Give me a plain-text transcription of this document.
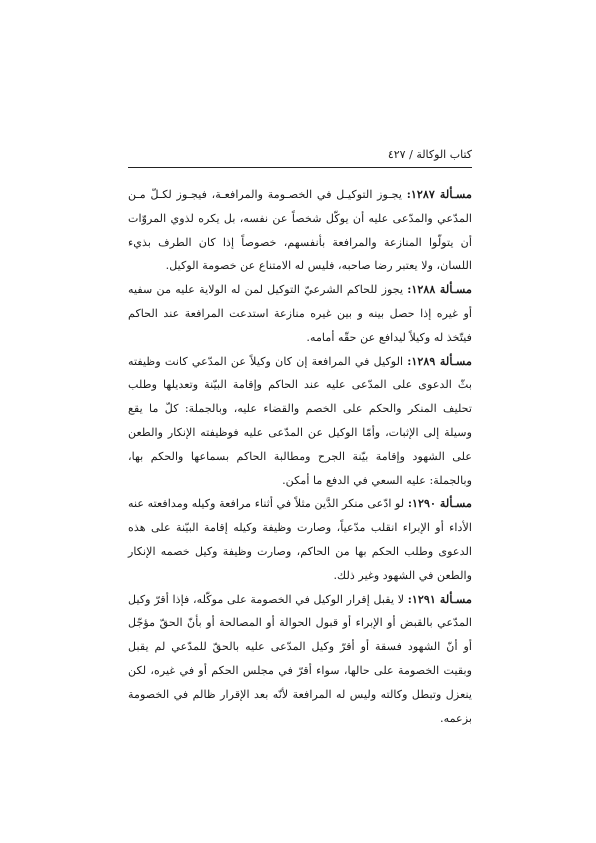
كتاب الوكالة / ٤٢٧

مسـألة ١٢٨٧: يجـوز التوكيـل في الخصـومة والمرافعـة، فيجـوز لكـلّ مـن المدّعي والمدّعى عليه أن يوكّل شخصاً عن نفسه، بل يكره لذوي المروّات أن يتولّوا المنازعة والمرافعة بأنفسهم، خصوصاً إذا كان الطرف بذيء اللسان، ولا يعتبر رضا صاحبه، فليس له الامتناع عن خصومة الوكيل.

مسـألة ١٢٨٨: يجوز للحاكم الشرعيّ التوكيل لمن له الولاية عليه من سفيه أو غيره إذا حصل بينه و بين غيره منازعة استدعت المرافعة عند الحاكم فيتّخذ له وكيلاً ليدافع عن حقّه أمامه.

مسـألة ١٢٨٩: الوكيل في المرافعة إن كان وكيلاً عن المدّعي كانت وظيفته بثّ الدعوى على المدّعى عليه عند الحاكم وإقامة البيّنة وتعديلها وطلب تحليف المنكر والحكم على الخصم والقضاء عليه، وبالجملة: كلّ ما يقع وسيلة إلى الإثبات، وأمّا الوكيل عن المدّعى عليه فوظيفته الإنكار والطعن على الشهود وإقامة بيّنة الجرح ومطالبة الحاكم بسماعها والحكم بها، وبالجملة: عليه السعي في الدفع ما أمكن.

مسـألة ١٢٩٠: لو ادّعى منكر الدَّين مثلاً في أثناء مرافعة وكيله ومدافعته عنه الأداء أو الإبراء انقلب مدّعياً، وصارت وظيفة وكيله إقامة البيّنة على هذه الدعوى وطلب الحكم بها من الحاكم، وصارت وظيفة وكيل خصمه الإنكار والطعن في الشهود وغير ذلك.

مسـألة ١٢٩١: لا يقبل إقرار الوكيل في الخصومة على موكّله، فإذا أقرّ وكيل المدّعي بالقبض أو الإبراء أو قبول الحوالة أو المصالحة أو بأنّ الحقّ مؤجّل أو أنّ الشهود فسقة أو أقرّ وكيل المدّعى عليه بالحقّ للمدّعي لم يقبل وبقيت الخصومة على حالها، سواء أقرّ في مجلس الحكم أو في غيره، لكن ينعزل وتبطل وكالته وليس له المرافعة لأنّه بعد الإقرار ظالم في الخصومة بزعمه.
